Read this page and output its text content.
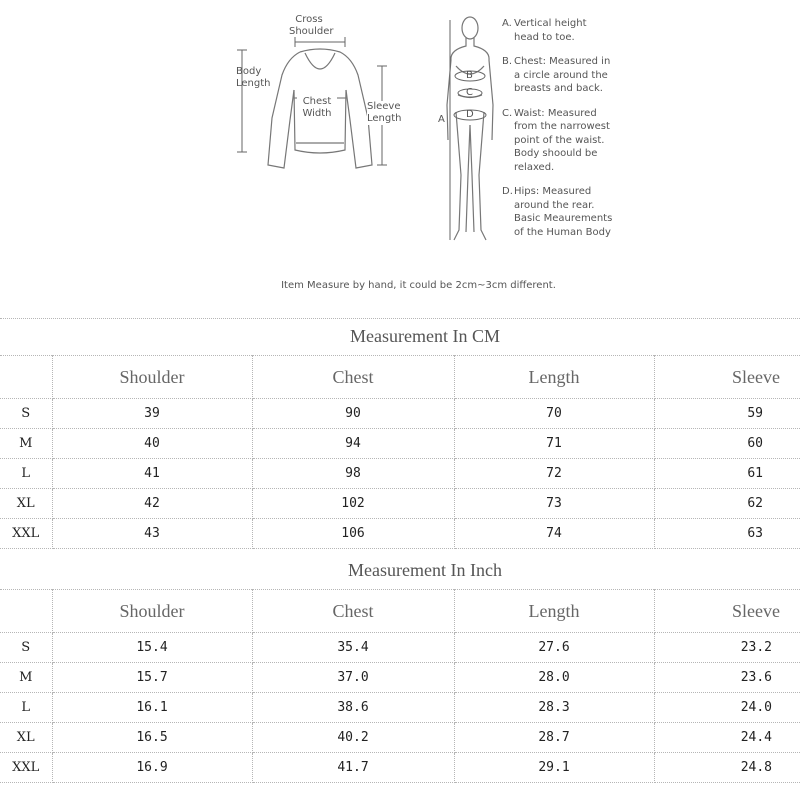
Cross
Shoulder
Body
Length
Chest
Width
Sleeve
Length	A
B
C
D
A. Vertical height head to toe.
B. Chest: Measured in a circle around the breasts and back.
C. Waist: Measured from the narrowest point of the waist. Body shoould be relaxed.
D. Hips: Measured around the rear. Basic Meaurements of the Human Body
Item Measure by hand, it could be 2cm~3cm different.
Measurement In CM
	Shoulder	Chest	Length	Sleeve
S	39	90	70	59
M	40	94	71	60
L	41	98	72	61
XL	42	102	73	62
XXL	43	106	74	63
Measurement In Inch
	Shoulder	Chest	Length	Sleeve
S	15.4	35.4	27.6	23.2
M	15.7	37.0	28.0	23.6
L	16.1	38.6	28.3	24.0
XL	16.5	40.2	28.7	24.4
XXL	16.9	41.7	29.1	24.8
